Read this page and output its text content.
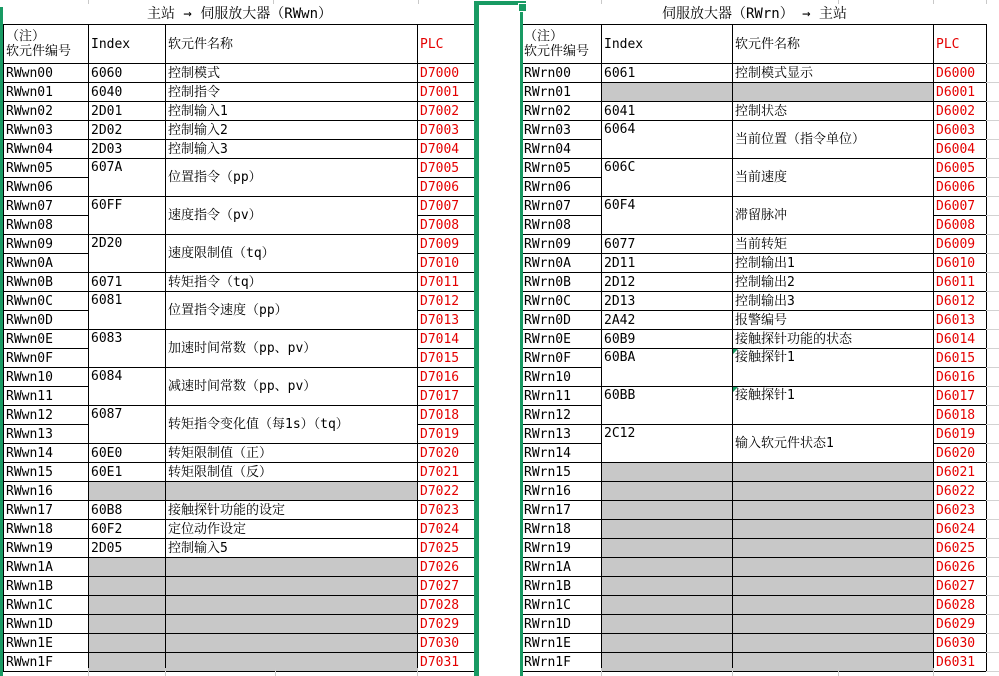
主站 → 伺服放大器（RWwn）			

（注）
软元件编号	Index	软元件名称	PLC
RWwn00	6060	控制模式	D7000
RWwn01	6040	控制指令	D7001
RWwn02	2D01	控制输入1	D7002
RWwn03	2D02	控制输入2	D7003
RWwn04	2D03	控制输入3	D7004
RWwn05	607A	位置指令（pp）	D7005
RWwn06			D7006
RWwn07	60FF	速度指令（pv）	D7007
RWwn08			D7008
RWwn09	2D20	速度限制值（tq）	D7009
RWwn0A			D7010
RWwn0B	6071	转矩指令（tq）	D7011
RWwn0C	6081	位置指令速度（pp）	D7012
RWwn0D			D7013
RWwn0E	6083	加速时间常数（pp、pv）	D7014
RWwn0F			D7015
RWwn10	6084	减速时间常数（pp、pv）	D7016
RWwn11			D7017
RWwn12	6087	转矩指令变化值（每1s）（tq）	D7018
RWwn13			D7019
RWwn14	60E0	转矩限制值（正）	D7020
RWwn15	60E1	转矩限制值（反）	D7021
RWwn16			D7022
RWwn17	60B8	接触探针功能的设定	D7023
RWwn18	60F2	定位动作设定	D7024
RWwn19	2D05	控制输入5	D7025
RWwn1A			D7026
RWwn1B			D7027
RWwn1C			D7028
RWwn1D			D7029
RWwn1E			D7030
RWwn1F			D7031
伺服放大器（RWrn） → 主站			

（注）
软元件编号	Index	软元件名称	PLC
RWrn00	6061	控制模式显示	D6000
RWrn01			D6001
RWrn02	6041	控制状态	D6002
RWrn03	6064	当前位置（指令单位）	D6003
RWrn04			D6004
RWrn05	606C	当前速度	D6005
RWrn06			D6006
RWrn07	60F4	滞留脉冲	D6007
RWrn08			D6008
RWrn09	6077	当前转矩	D6009
RWrn0A	2D11	控制输出1	D6010
RWrn0B	2D12	控制输出2	D6011
RWrn0C	2D13	控制输出3	D6012
RWrn0D	2A42	报警编号	D6013
RWrn0E	60B9	接触探针功能的状态	D6014
RWrn0F	60BA	接触探针1	D6015
RWrn10			D6016
RWrn11	60BB	接触探针1	D6017
RWrn12			D6018
RWrn13	2C12	输入软元件状态1	D6019
RWrn14			D6020
RWrn15			D6021
RWrn16			D6022
RWrn17			D6023
RWrn18			D6024
RWrn19			D6025
RWrn1A			D6026
RWrn1B			D6027
RWrn1C			D6028
RWrn1D			D6029
RWrn1E			D6030
RWrn1F			D6031
